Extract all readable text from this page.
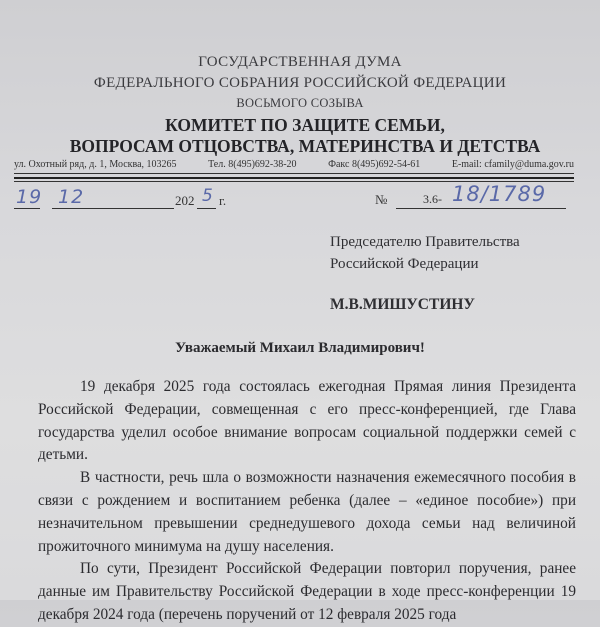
ГОСУДАРСТВЕННАЯ ДУМА
ФЕДЕРАЛЬНОГО СОБРАНИЯ РОССИЙСКОЙ ФЕДЕРАЦИИ
ВОСЬМОГО СОЗЫВА
КОМИТЕТ ПО ЗАЩИТЕ СЕМЬИ,
ВОПРОСАМ ОТЦОВСТВА, МАТЕРИНСТВА И ДЕТСТВА
ул. Охотный ряд, д. 1, Москва, 103265	Тел. 8(495)692-38-20	Факс 8(495)692-54-61	E-mail: cfamily@duma.gov.ru
19 12	202 5 г.	№	3.6- 18/1789
Председателю Правительства
Российской Федерации
М.В.МИШУСТИНУ
Уважаемый Михаил Владимирович!

19 декабря 2025 года состоялась ежегодная Прямая линия Президента Российской Федерации, совмещенная с его пресс-конференцией, где Глава государства уделил особое внимание вопросам социальной поддержки семей с детьми.

В частности, речь шла о возможности назначения ежемесячного пособия в связи с рождением и воспитанием ребенка (далее – «единое пособие») при незначительном превышении среднедушевого дохода семьи над величиной прожиточного минимума на душу населения.

По сути, Президент Российской Федерации повторил поручения, ранее данные им Правительству Российской Федерации в ходе пресс-конференции 19 декабря 2024 года (перечень поручений от 12 февраля 2025 года
